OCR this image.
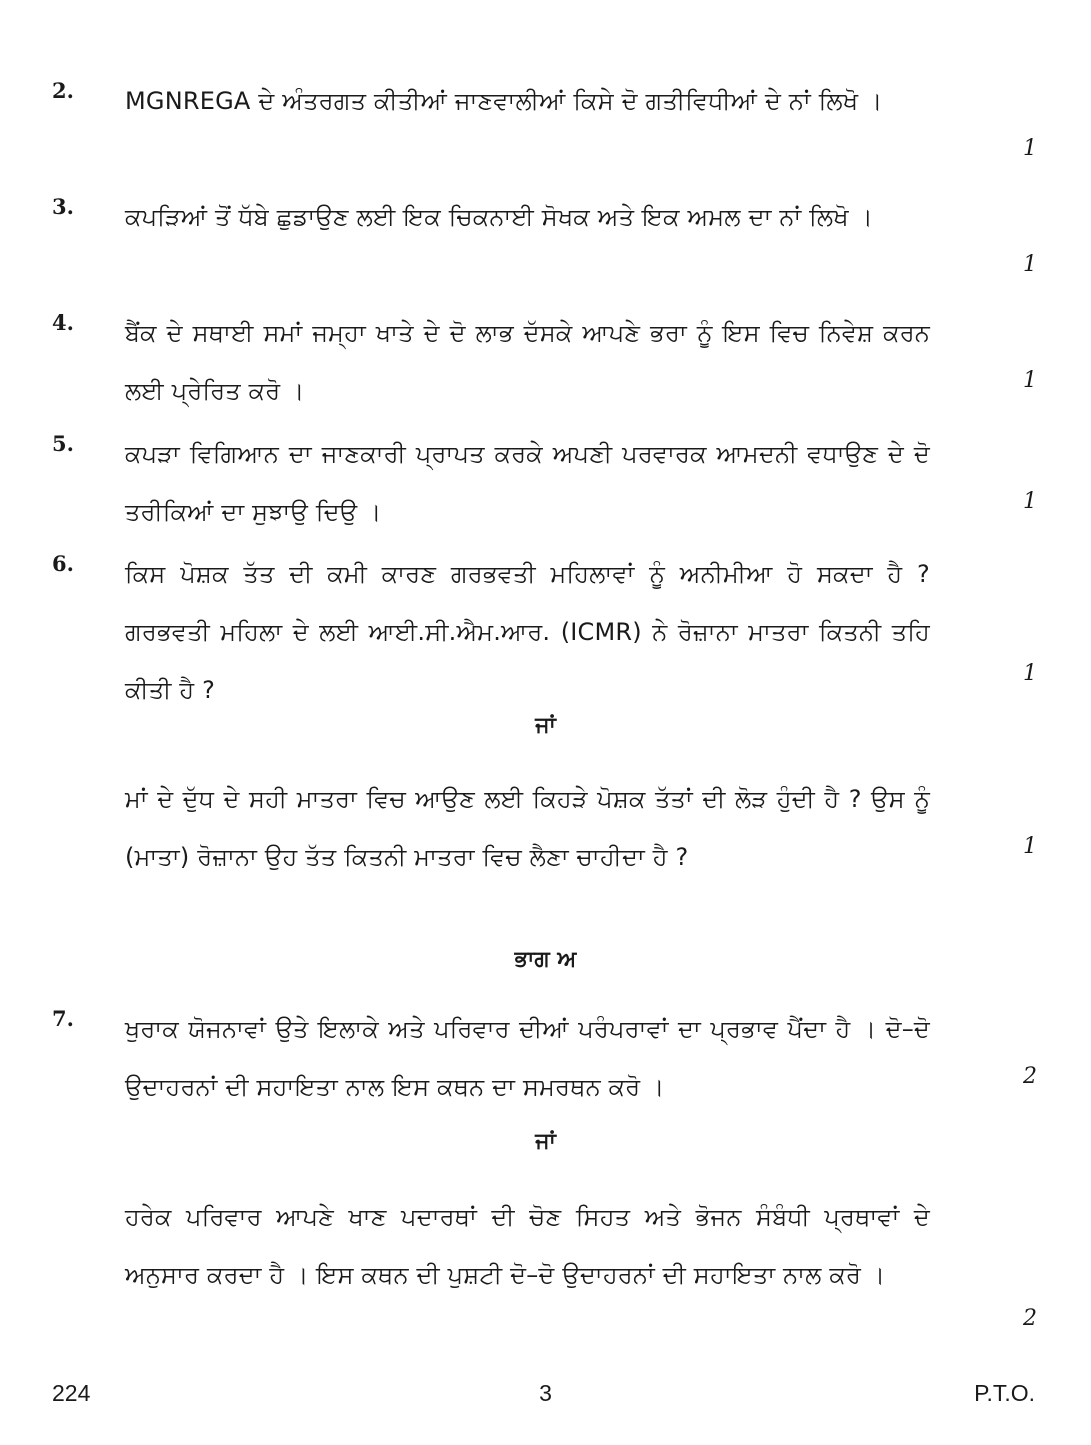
2. MGNREGA ਦੇ ਅੰਤਰਗਤ ਕੀਤੀਆਂ ਜਾਣਵਾਲੀਆਂ ਕਿਸੇ ਦੋ ਗਤੀਵਿਧੀਆਂ ਦੇ ਨਾਂ ਲਿਖੋ ।
1
3. ਕਪੜਿਆਂ ਤੋਂ ਧੱਬੇ ਛੁਡਾਉਣ ਲਈ ਇਕ ਚਿਕਨਾਈ ਸੋਖਕ ਅਤੇ ਇਕ ਅਮਲ ਦਾ ਨਾਂ ਲਿਖੋ ।
1
4. ਬੈਂਕ ਦੇ ਸਥਾਈ ਸਮਾਂ ਜਮ੍ਹਾ ਖਾਤੇ ਦੇ ਦੋ ਲਾਭ ਦੱਸਕੇ ਆਪਣੇ ਭਰਾ ਨੂੰ ਇਸ ਵਿਚ ਨਿਵੇਸ਼ ਕਰਨ ਲਈ ਪ੍ਰੇਰਿਤ ਕਰੋ ।	1
5. ਕਪੜਾ ਵਿਗਿਆਨ ਦਾ ਜਾਣਕਾਰੀ ਪ੍ਰਾਪਤ ਕਰਕੇ ਅਪਣੀ ਪਰਵਾਰਕ ਆਮਦਨੀ ਵਧਾਉਣ ਦੇ ਦੋ ਤਰੀਕਿਆਂ ਦਾ ਸੁਝਾਉ ਦਿਉ ।	1
6. ਕਿਸ ਪੋਸ਼ਕ ਤੱਤ ਦੀ ਕਮੀ ਕਾਰਣ ਗਰਭਵਤੀ ਮਹਿਲਾਵਾਂ ਨੂੰ ਅਨੀਮੀਆ ਹੋ ਸਕਦਾ ਹੈ ? ਗਰਭਵਤੀ ਮਹਿਲਾ ਦੇ ਲਈ ਆਈ.ਸੀ.ਐਮ.ਆਰ. (ICMR) ਨੇ ਰੋਜ਼ਾਨਾ ਮਾਤਰਾ ਕਿਤਨੀ ਤਹਿ ਕੀਤੀ ਹੈ ?
1
ਜਾਂ
ਮਾਂ ਦੇ ਦੁੱਧ ਦੇ ਸਹੀ ਮਾਤਰਾ ਵਿਚ ਆਉਣ ਲਈ ਕਿਹੜੇ ਪੋਸ਼ਕ ਤੱਤਾਂ ਦੀ ਲੋੜ ਹੁੰਦੀ ਹੈ ? ਉਸ ਨੂੰ (ਮਾਤਾ) ਰੋਜ਼ਾਨਾ ਉਹ ਤੱਤ ਕਿਤਨੀ ਮਾਤਰਾ ਵਿਚ ਲੈਣਾ ਚਾਹੀਦਾ ਹੈ ?	1
ਭਾਗ ਅ
7. ਖੁਰਾਕ ਯੋਜਨਾਵਾਂ ਉਤੇ ਇਲਾਕੇ ਅਤੇ ਪਰਿਵਾਰ ਦੀਆਂ ਪਰੰਪਰਾਵਾਂ ਦਾ ਪ੍ਰਭਾਵ ਪੈਂਦਾ ਹੈ । ਦੋ–ਦੋ ਉਦਾਹਰਨਾਂ ਦੀ ਸਹਾਇਤਾ ਨਾਲ ਇਸ ਕਥਨ ਦਾ ਸਮਰਥਨ ਕਰੋ ।	2
ਜਾਂ
ਹਰੇਕ ਪਰਿਵਾਰ ਆਪਣੇ ਖਾਣ ਪਦਾਰਥਾਂ ਦੀ ਚੋਣ ਸਿਹਤ ਅਤੇ ਭੋਜਨ ਸੰਬੰਧੀ ਪ੍ਰਥਾਵਾਂ ਦੇ ਅਨੁਸਾਰ ਕਰਦਾ ਹੈ । ਇਸ ਕਥਨ ਦੀ ਪੁਸ਼ਟੀ ਦੋ–ਦੋ ਉਦਾਹਰਨਾਂ ਦੀ ਸਹਾਇਤਾ ਨਾਲ ਕਰੋ ।
2
224	3	P.T.O.
